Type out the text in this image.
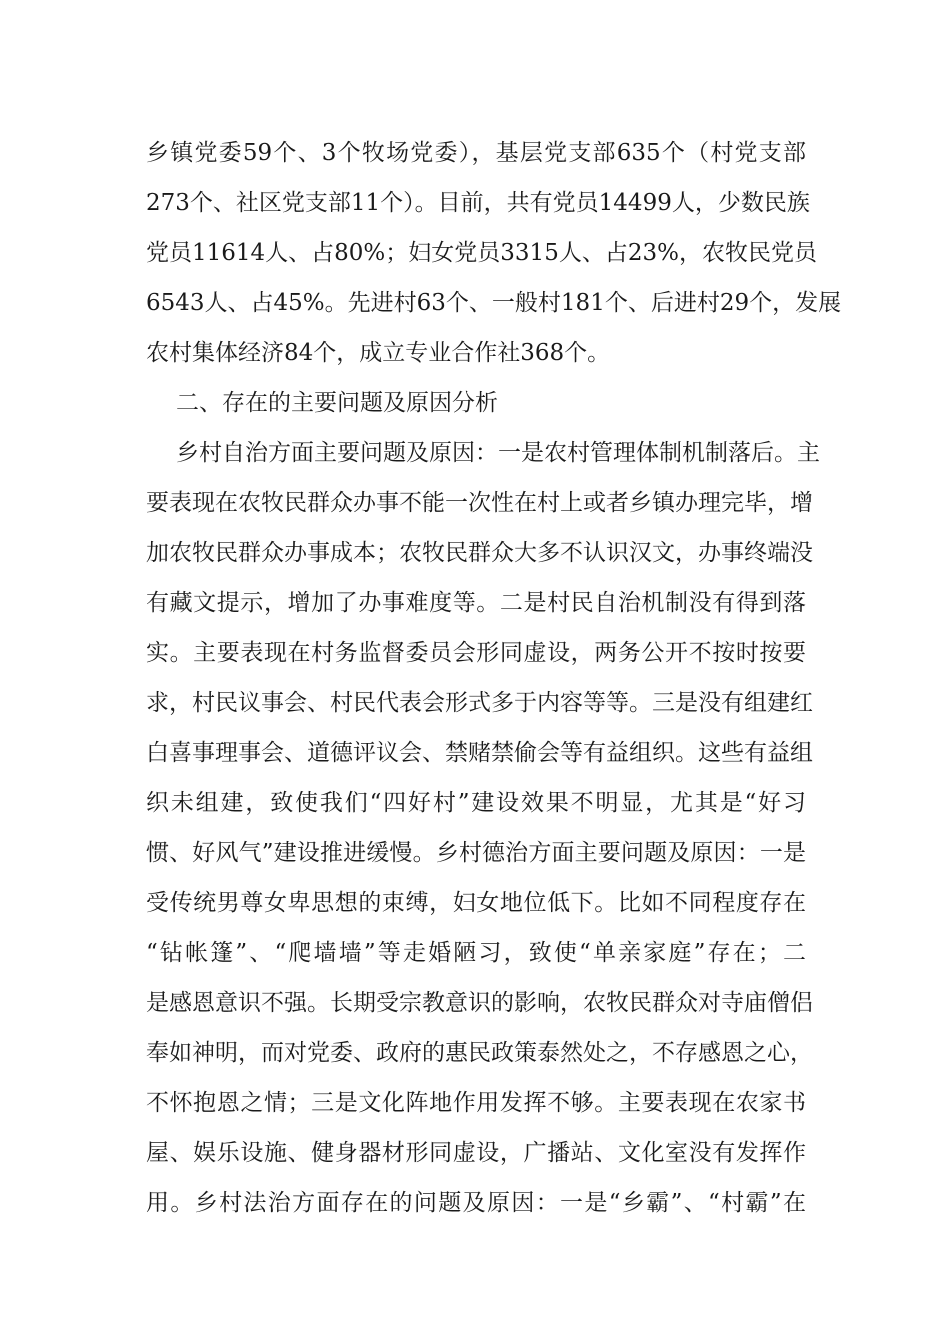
乡镇党委59个、3个牧场党委），基层党支部635个（村党支部
273个、社区党支部11个）。目前，共有党员14499人，少数民族
党员11614人、占80%；妇女党员3315人、占23%，农牧民党员
6543人、占45%。先进村63个、一般村181个、后进村29个，发展
农村集体经济84个，成立专业合作社368个。
二、存在的主要问题及原因分析
乡村自治方面主要问题及原因：一是农村管理体制机制落后。主
要表现在农牧民群众办事不能一次性在村上或者乡镇办理完毕，增
加农牧民群众办事成本；农牧民群众大多不认识汉文，办事终端没
有藏文提示，增加了办事难度等。二是村民自治机制没有得到落
实。主要表现在村务监督委员会形同虚设，两务公开不按时按要
求，村民议事会、村民代表会形式多于内容等等。三是没有组建红
白喜事理事会、道德评议会、禁赌禁偷会等有益组织。这些有益组
织未组建，致使我们“四好村”建设效果不明显，尤其是“好习
惯、好风气”建设推进缓慢。乡村德治方面主要问题及原因：一是
受传统男尊女卑思想的束缚，妇女地位低下。比如不同程度存在
“钻帐篷”、“爬墙墙”等走婚陋习，致使“单亲家庭”存在；二
是感恩意识不强。长期受宗教意识的影响，农牧民群众对寺庙僧侣
奉如神明，而对党委、政府的惠民政策泰然处之，不存感恩之心，
不怀抱恩之情；三是文化阵地作用发挥不够。主要表现在农家书
屋、娱乐设施、健身器材形同虚设，广播站、文化室没有发挥作
用。乡村法治方面存在的问题及原因：一是“乡霸”、“村霸”在
